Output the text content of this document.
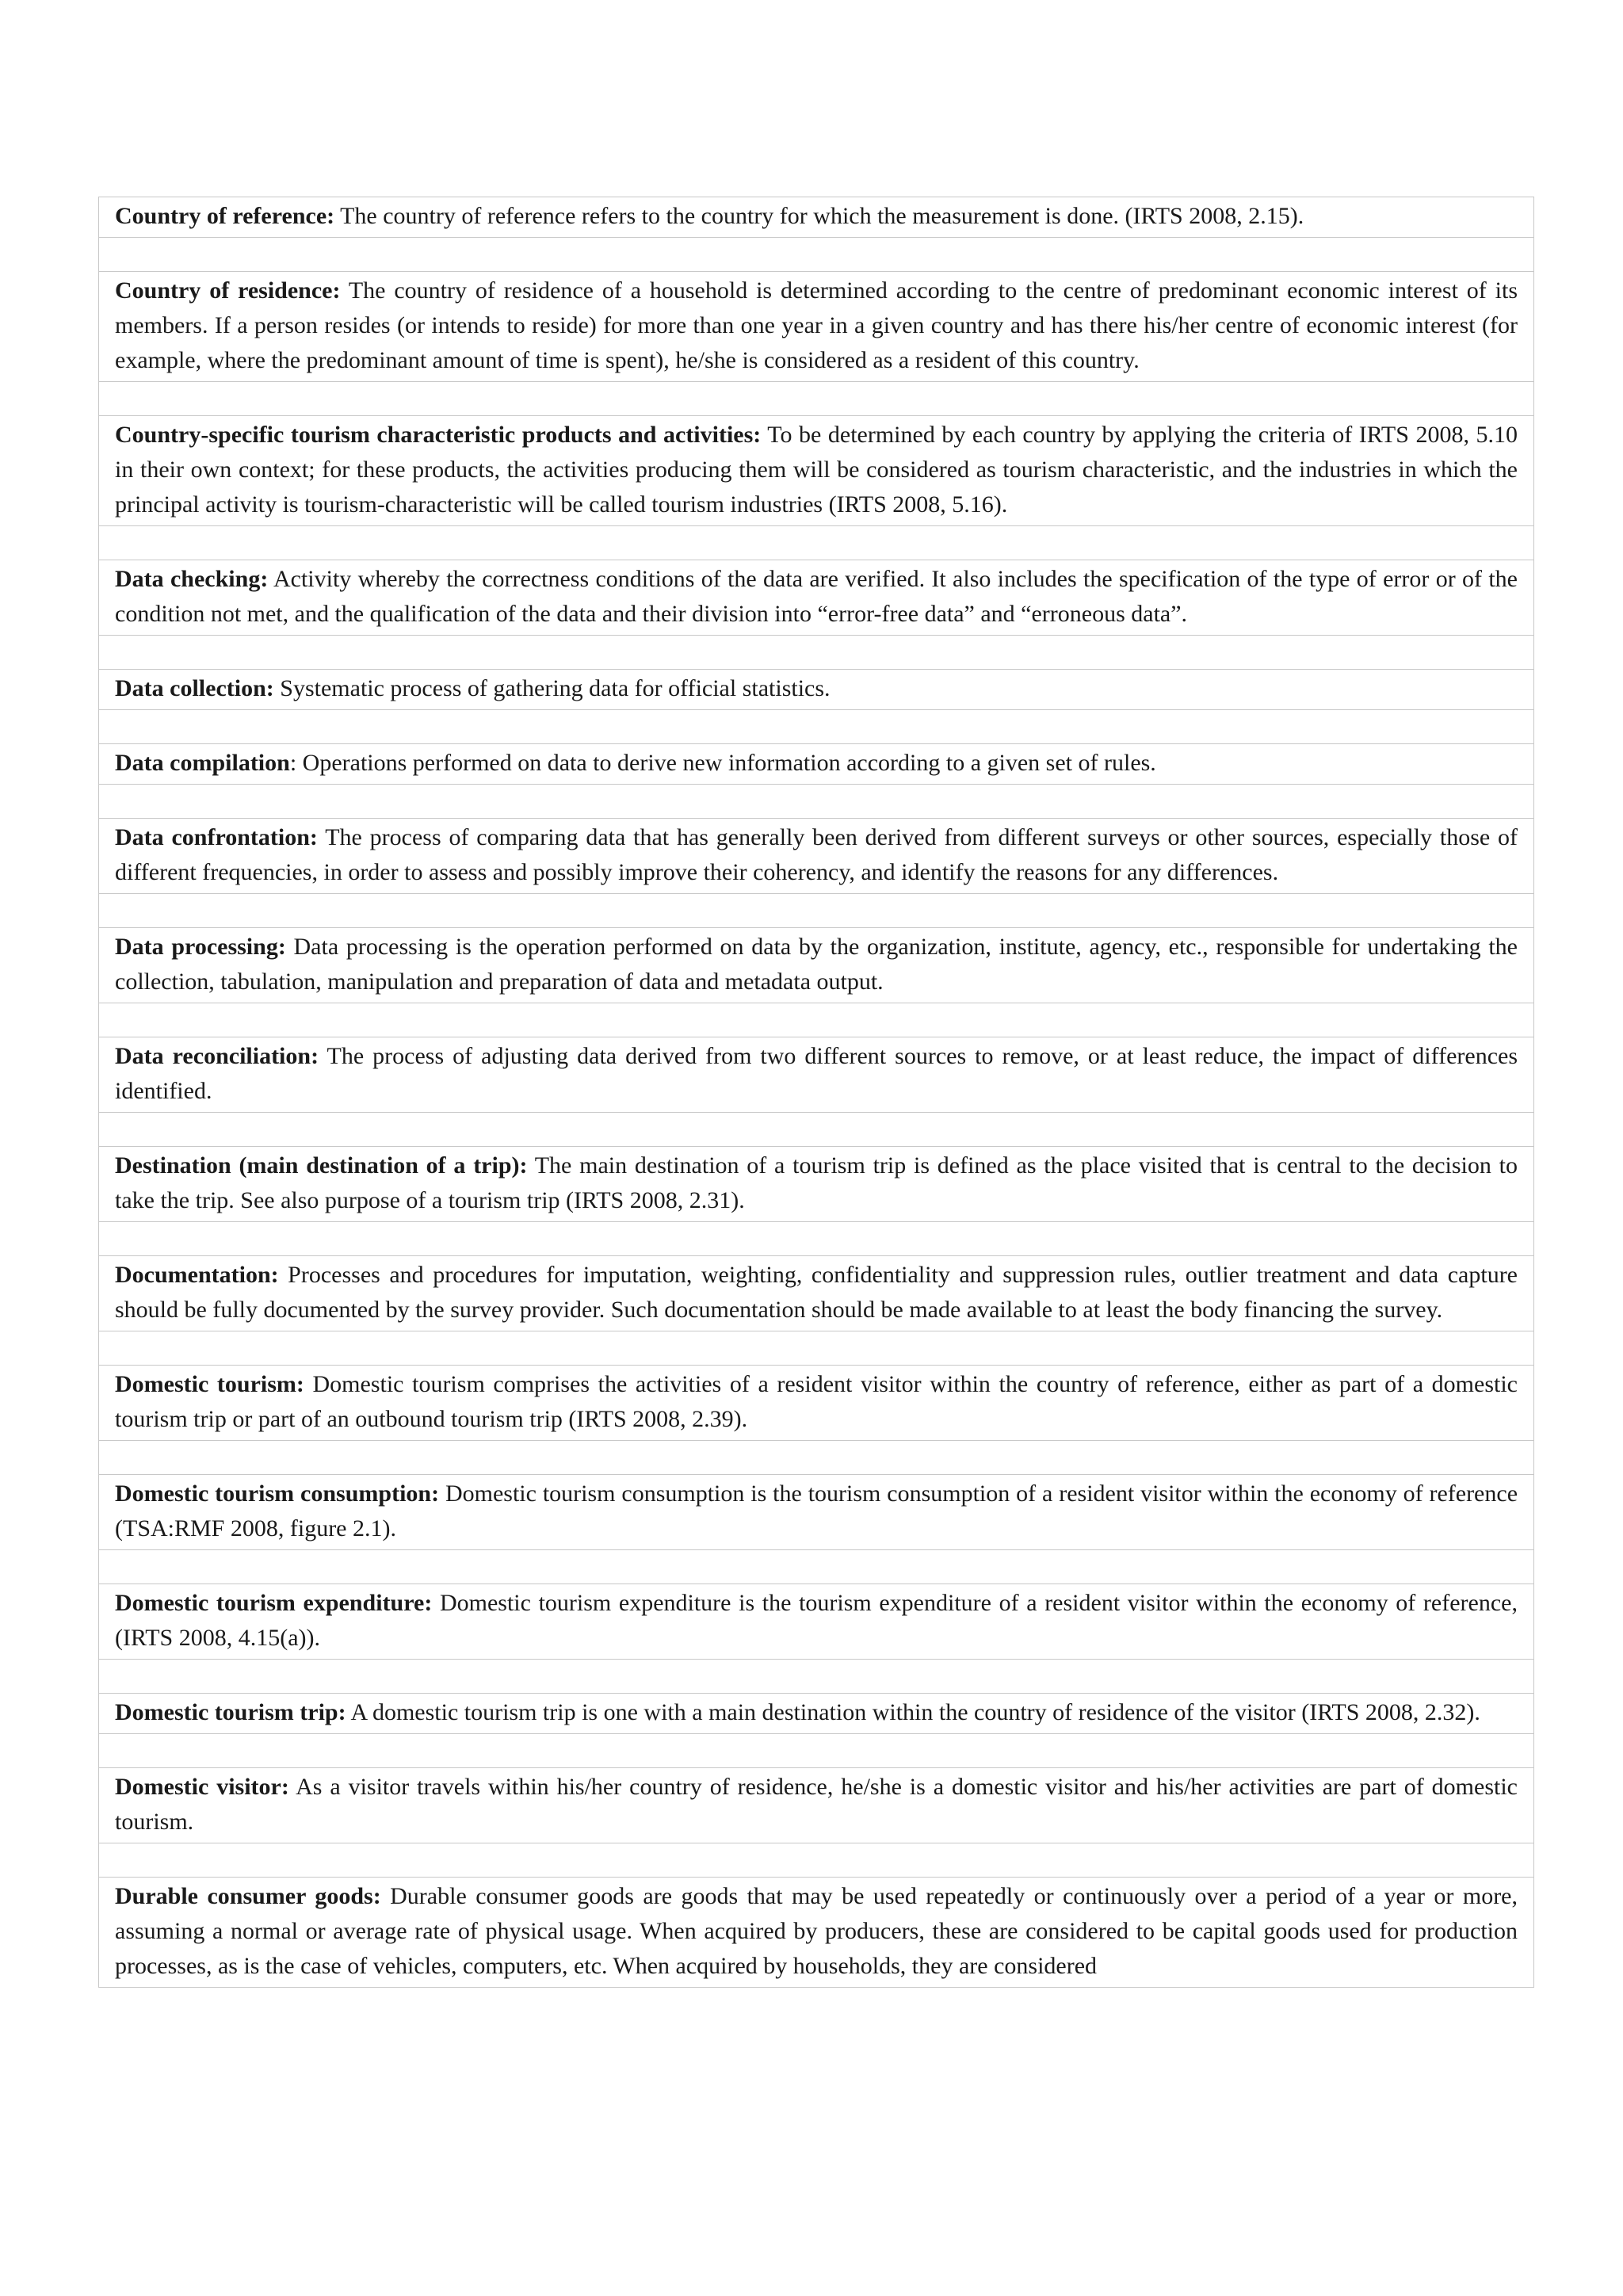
Country of reference: The country of reference refers to the country for which the measurement is done. (IRTS 2008, 2.15).

Country of residence: The country of residence of a household is determined according to the centre of predominant economic interest of its members. If a person resides (or intends to reside) for more than one year in a given country and has there his/her centre of economic interest (for example, where the predominant amount of time is spent), he/she is considered as a resident of this country.

Country-specific tourism characteristic products and activities: To be determined by each country by applying the criteria of IRTS 2008, 5.10 in their own context; for these products, the activities producing them will be considered as tourism characteristic, and the industries in which the principal activity is tourism-characteristic will be called tourism industries (IRTS 2008, 5.16).

Data checking: Activity whereby the correctness conditions of the data are verified. It also includes the specification of the type of error or of the condition not met, and the qualification of the data and their division into “error-free data” and “erroneous data”.

Data collection: Systematic process of gathering data for official statistics.

Data compilation: Operations performed on data to derive new information according to a given set of rules.

Data confrontation: The process of comparing data that has generally been derived from different surveys or other sources, especially those of different frequencies, in order to assess and possibly improve their coherency, and identify the reasons for any differences.

Data processing: Data processing is the operation performed on data by the organization, institute, agency, etc., responsible for undertaking the collection, tabulation, manipulation and preparation of data and metadata output.

Data reconciliation: The process of adjusting data derived from two different sources to remove, or at least reduce, the impact of differences identified.

Destination (main destination of a trip): The main destination of a tourism trip is defined as the place visited that is central to the decision to take the trip. See also purpose of a tourism trip (IRTS 2008, 2.31).

Documentation: Processes and procedures for imputation, weighting, confidentiality and suppression rules, outlier treatment and data capture should be fully documented by the survey provider. Such documentation should be made available to at least the body financing the survey.

Domestic tourism: Domestic tourism comprises the activities of a resident visitor within the country of reference, either as part of a domestic tourism trip or part of an outbound tourism trip (IRTS 2008, 2.39).

Domestic tourism consumption: Domestic tourism consumption is the tourism consumption of a resident visitor within the economy of reference (TSA:RMF 2008, figure 2.1).

Domestic tourism expenditure: Domestic tourism expenditure is the tourism expenditure of a resident visitor within the economy of reference, (IRTS 2008, 4.15(a)).

Domestic tourism trip: A domestic tourism trip is one with a main destination within the country of residence of the visitor (IRTS 2008, 2.32).

Domestic visitor: As a visitor travels within his/her country of residence, he/she is a domestic visitor and his/her activities are part of domestic tourism.

Durable consumer goods: Durable consumer goods are goods that may be used repeatedly or continuously over a period of a year or more, assuming a normal or average rate of physical usage. When acquired by producers, these are considered to be capital goods used for production processes, as is the case of vehicles, computers, etc. When acquired by households, they are considered
